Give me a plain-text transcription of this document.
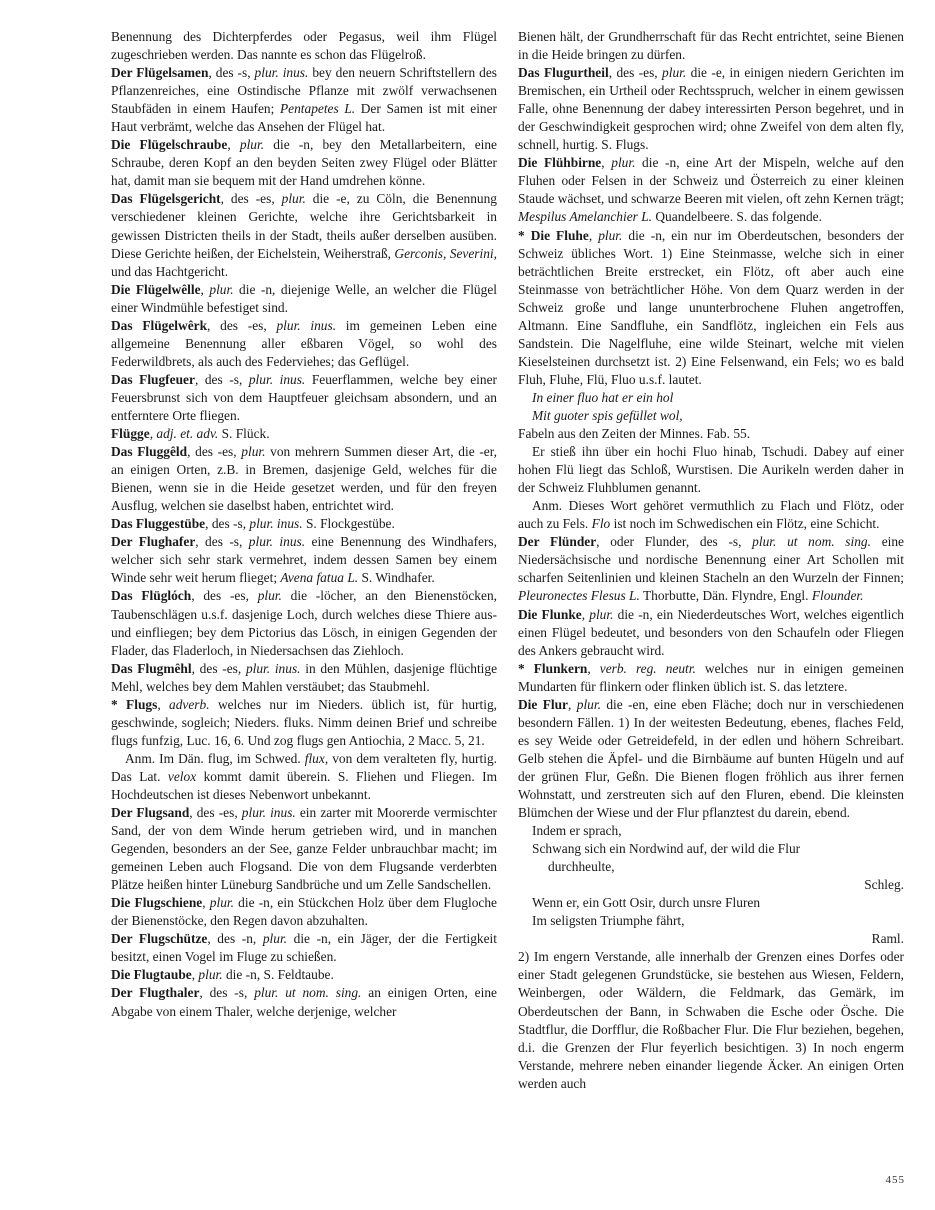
Benennung des Dichterpferdes oder Pegasus, weil ihm Flügel zugeschrieben werden. Das nannte es schon das Flügelroß.

Der Flügelsamen, des -s, plur. inus. bey den neuern Schriftstellern des Pflanzenreiches, eine Ostindische Pflanze mit zwölf verwachsenen Staubfäden in einem Haufen; Pentapetes L. Der Samen ist mit einer Haut verbrämt, welche das Ansehen der Flügel hat.

Die Flügelschraube, plur. die -n, bey den Metallarbeitern, eine Schraube, deren Kopf an den beyden Seiten zwey Flügel oder Blätter hat, damit man sie bequem mit der Hand umdrehen könne.

Das Flügelsgericht, des -es, plur. die -e, zu Cöln, die Benennung verschiedener kleinen Gerichte, welche ihre Gerichtsbarkeit in gewissen Districten theils in der Stadt, theils außer derselben ausüben. Diese Gerichte heißen, der Eichelstein, Weiherstraß, Gerconis, Severini, und das Hachtgericht.

Die Flügelwêlle, plur. die -n, diejenige Welle, an welcher die Flügel einer Windmühle befestiget sind.

Das Flügelwêrk, des -es, plur. inus. im gemeinen Leben eine allgemeine Benennung aller eßbaren Vögel, so wohl des Federwildbrets, als auch des Federviehes; das Geflügel.

Das Flugfeuer, des -s, plur. inus. Feuerflammen, welche bey einer Feuersbrunst sich von dem Hauptfeuer gleichsam absondern, und an entferntere Orte fliegen.

Flügge, adj. et. adv. S. Flück.

Das Fluggêld, des -es, plur. von mehrern Summen dieser Art, die -er, an einigen Orten, z.B. in Bremen, dasjenige Geld, welches für die Bienen, wenn sie in die Heide gesetzet werden, und für den freyen Ausflug, welchen sie daselbst haben, entrichtet wird.

Das Fluggestübe, des -s, plur. inus. S. Flockgestübe.

Der Flughafer, des -s, plur. inus. eine Benennung des Windhafers, welcher sich sehr stark vermehret, indem dessen Samen bey einem Winde sehr weit herum flieget; Avena fatua L. S. Windhafer.

Das Flüglóch, des -es, plur. die -löcher, an den Bienenstöcken, Taubenschlägen u.s.f. dasjenige Loch, durch welches diese Thiere aus- und einfliegen; bey dem Pictorius das Lösch, in einigen Gegenden der Flader, das Fladerloch, in Niedersachsen das Ziehloch.

Das Flugmêhl, des -es, plur. inus. in den Mühlen, dasjenige flüchtige Mehl, welches bey dem Mahlen verstäubet; das Staubmehl.

* Flugs, adverb. welches nur im Nieders. üblich ist, für hurtig, geschwinde, sogleich; Nieders. fluks. Nimm deinen Brief und schreibe flugs funfzig, Luc. 16, 6. Und zog flugs gen Antiochia, 2 Macc. 5, 21.

Anm. Im Dän. flug, im Schwed. flux, von dem veralteten fly, hurtig. Das Lat. velox kommt damit überein. S. Fliehen und Fliegen. Im Hochdeutschen ist dieses Nebenwort unbekannt.

Der Flugsand, des -es, plur. inus. ein zarter mit Moorerde vermischter Sand, der von dem Winde herum getrieben wird, und in manchen Gegenden, besonders an der See, ganze Felder unbrauchbar macht; im gemeinen Leben auch Flogsand. Die von dem Flugsande verderbten Plätze heißen hinter Lüneburg Sandbrüche und um Zelle Sandschellen.

Die Flugschiene, plur. die -n, ein Stückchen Holz über dem Flugloche der Bienenstöcke, den Regen davon abzuhalten.

Der Flugschütze, des -n, plur. die -n, ein Jäger, der die Fertigkeit besitzt, einen Vogel im Fluge zu schießen.

Die Flugtaube, plur. die -n, S. Feldtaube.

Der Flugthaler, des -s, plur. ut nom. sing. an einigen Orten, eine Abgabe von einem Thaler, welche derjenige, welcher

Bienen hält, der Grundherrschaft für das Recht entrichtet, seine Bienen in die Heide bringen zu dürfen.

Das Flugurtheil, des -es, plur. die -e, in einigen niedern Gerichten im Bremischen, ein Urtheil oder Rechtsspruch, welcher in einem gewissen Falle, ohne Benennung der dabey interessirten Person begehret, und in der Geschwindigkeit gesprochen wird; ohne Zweifel von dem alten fly, schnell, hurtig. S. Flugs.

Die Flühbirne, plur. die -n, eine Art der Mispeln, welche auf den Fluhen oder Felsen in der Schweiz und Österreich zu einer kleinen Staude wächset, und schwarze Beeren mit vielen, oft zehn Kernen trägt; Mespilus Amelanchier L. Quandelbeere. S. das folgende.

* Die Fluhe, plur. die -n, ein nur im Oberdeutschen, besonders der Schweiz übliches Wort. 1) Eine Steinmasse, welche sich in einer beträchtlichen Breite erstrecket, ein Flötz, oft aber auch eine Steinmasse von beträchtlicher Höhe. Von dem Quarz werden in der Schweiz große und lange ununterbrochene Fluhen angetroffen, Altmann. Eine Sandfluhe, ein Sandflötz, ingleichen ein Fels aus Sandstein. Die Nagelfluhe, eine wilde Steinart, welche mit vielen Kieselsteinen durchsetzt ist. 2) Eine Felsenwand, ein Fels; wo es bald Fluh, Fluhe, Flü, Fluo u.s.f. lautet.

In einer fluo hat er ein hol

Mit guoter spis gefüllet wol,

Fabeln aus den Zeiten der Minnes. Fab. 55.

Er stieß ihn über ein hochi Fluo hinab, Tschudi. Dabey auf einer hohen Flü liegt das Schloß, Wurstisen. Die Aurikeln werden daher in der Schweiz Fluhblumen genannt.

Anm. Dieses Wort gehöret vermuthlich zu Flach und Flötz, oder auch zu Fels. Flo ist noch im Schwedischen ein Flötz, eine Schicht.

Der Flünder, oder Flunder, des -s, plur. ut nom. sing. eine Niedersächsische und nordische Benennung einer Art Schollen mit scharfen Seitenlinien und kleinen Stacheln an den Wurzeln der Finnen; Pleuronectes Flesus L. Thorbutte, Dän. Flyndre, Engl. Flounder.

Die Flunke, plur. die -n, ein Niederdeutsches Wort, welches eigentlich einen Flügel bedeutet, und besonders von den Schaufeln oder Fliegen des Ankers gebraucht wird.

* Flunkern, verb. reg. neutr. welches nur in einigen gemeinen Mundarten für flinkern oder flinken üblich ist. S. das letztere.

Die Flur, plur. die -en, eine eben Fläche; doch nur in verschiedenen besondern Fällen. 1) In der weitesten Bedeutung, ebenes, flaches Feld, es sey Weide oder Getreidefeld, in der edlen und höhern Schreibart. Gelb stehen die Äpfel- und die Birnbäume auf bunten Hügeln und auf der grünen Flur, Geßn. Die Bienen flogen fröhlich aus ihrer fernen Wohnstatt, und zerstreuten sich auf den Fluren, ebend. Die kleinsten Blümchen der Wiese und der Flur pflanztest du darein, ebend.

Indem er sprach,

Schwang sich ein Nordwind auf, der wild die Flur

durchheulte,

Schleg.

Wenn er, ein Gott Osir, durch unsre Fluren

Im seligsten Triumphe fährt,

Raml.

2) Im engern Verstande, alle innerhalb der Grenzen eines Dorfes oder einer Stadt gelegenen Grundstücke, sie bestehen aus Wiesen, Feldern, Weinbergen, oder Wäldern, die Feldmark, das Gemärk, im Oberdeutschen der Bann, in Schwaben die Esche oder Ösche. Die Stadtflur, die Dorfflur, die Roßbacher Flur. Die Flur beziehen, begehen, d.i. die Grenzen der Flur feyerlich besichtigen. 3) In noch engerm Verstande, mehrere neben einander liegende Äcker. An einigen Orten werden auch

455
